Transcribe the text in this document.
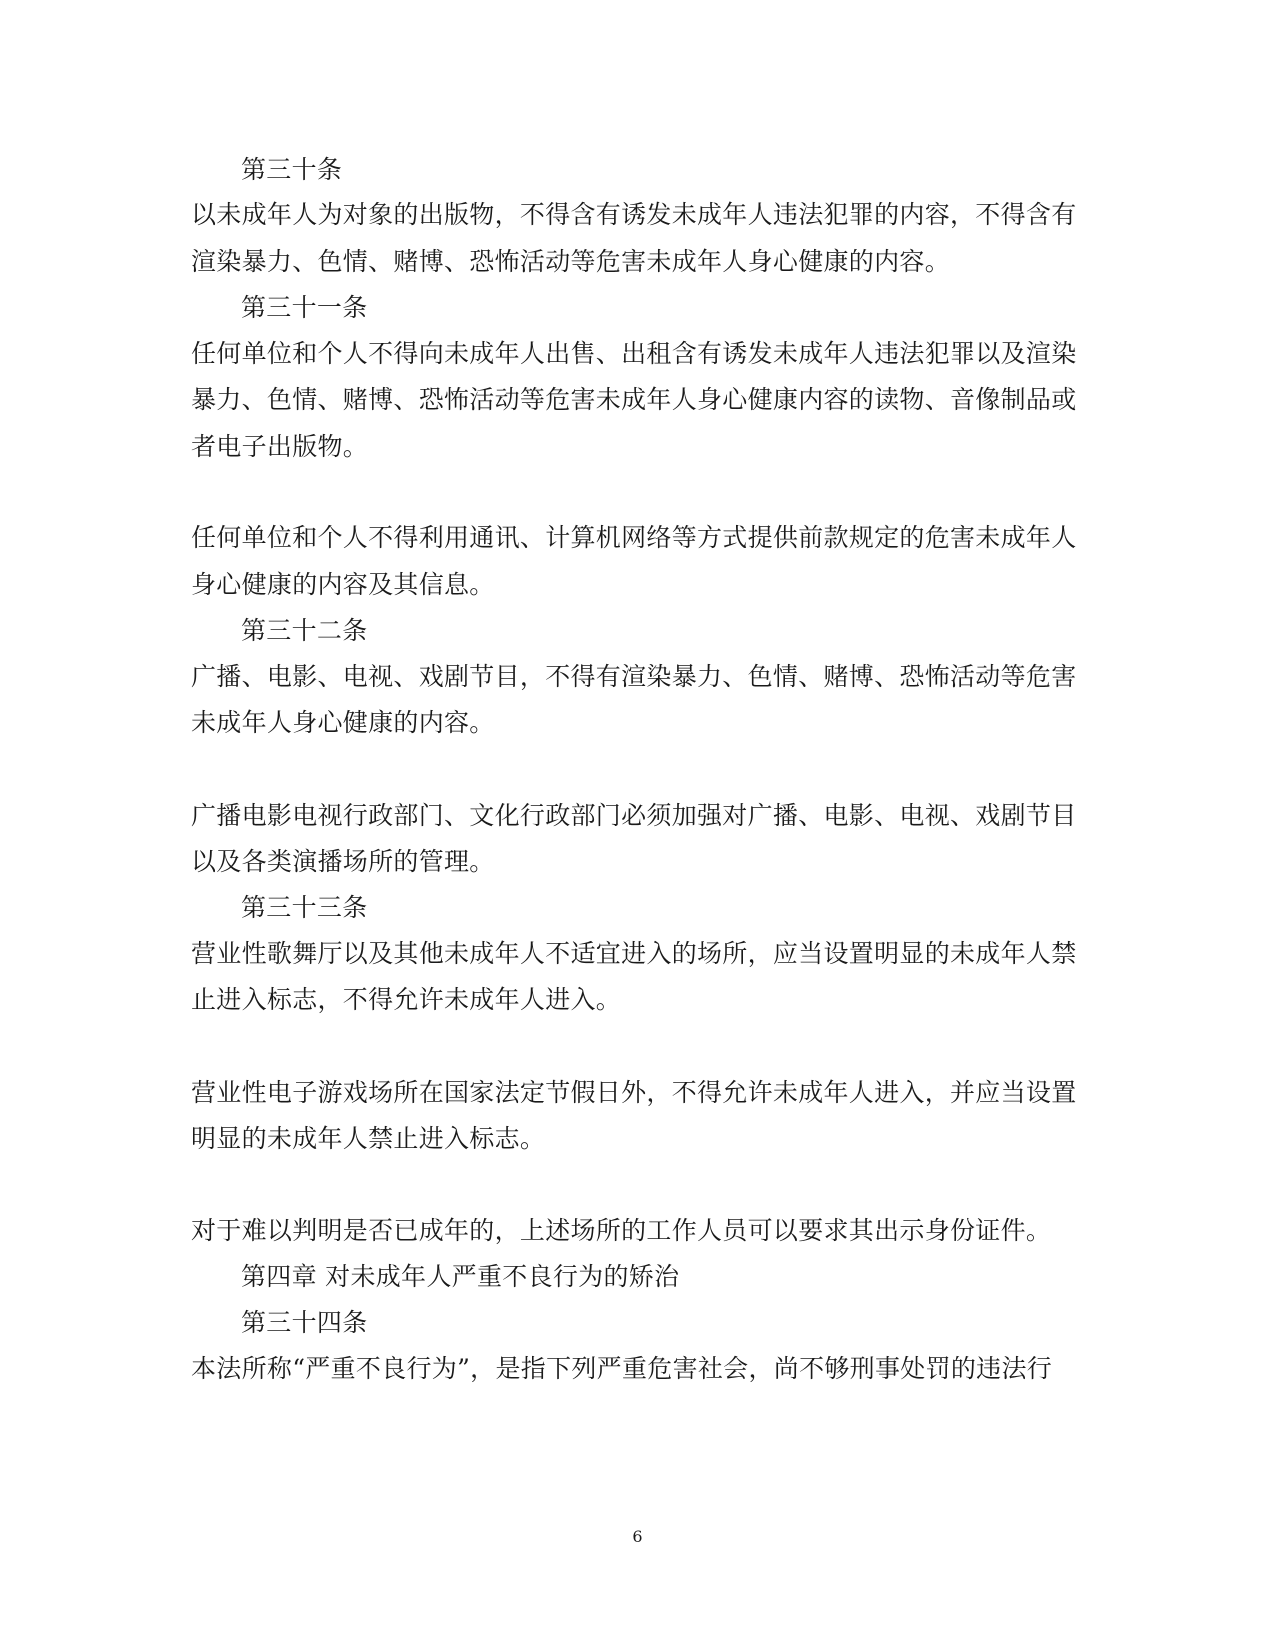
第三十条
以未成年人为对象的出版物，不得含有诱发未成年人违法犯罪的内容，不得含有
渲染暴力、色情、赌博、恐怖活动等危害未成年人身心健康的内容。
第三十一条
任何单位和个人不得向未成年人出售、出租含有诱发未成年人违法犯罪以及渲染
暴力、色情、赌博、恐怖活动等危害未成年人身心健康内容的读物、音像制品或
者电子出版物。
任何单位和个人不得利用通讯、计算机网络等方式提供前款规定的危害未成年人
身心健康的内容及其信息。
第三十二条
广播、电影、电视、戏剧节目，不得有渲染暴力、色情、赌博、恐怖活动等危害
未成年人身心健康的内容。
广播电影电视行政部门、文化行政部门必须加强对广播、电影、电视、戏剧节目
以及各类演播场所的管理。
第三十三条
营业性歌舞厅以及其他未成年人不适宜进入的场所，应当设置明显的未成年人禁
止进入标志，不得允许未成年人进入。
营业性电子游戏场所在国家法定节假日外，不得允许未成年人进入，并应当设置
明显的未成年人禁止进入标志。
对于难以判明是否已成年的，上述场所的工作人员可以要求其出示身份证件。
第四章 对未成年人严重不良行为的矫治
第三十四条
本法所称“严重不良行为”，是指下列严重危害社会，尚不够刑事处罚的违法行
6
